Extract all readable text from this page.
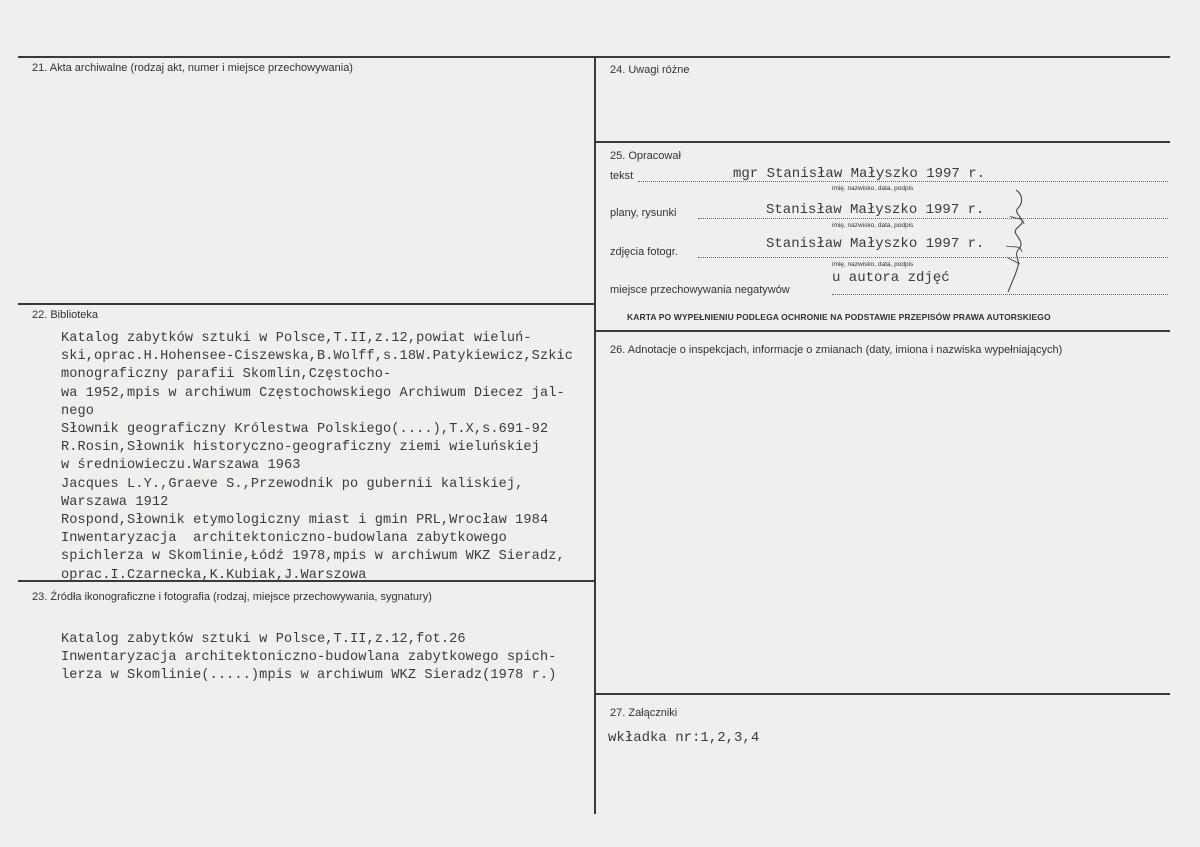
21. Akta archiwalne (rodzaj akt, numer i miejsce przechowywania)
22. Biblioteka
Katalog zabytków sztuki w Polsce,T.II,z.12,powiat wieluń-
ski,oprac.H.Hohensee-Ciszewska,B.Wolff,s.18W.Patykiewicz,Szkic
monograficzny parafii Skomlin,Częstocho-
wa 1952,mpis w archiwum Częstochowskiego Archiwum Diecez jal-
nego
Słownik geograficzny Królestwa Polskiego(....),T.X,s.691-92
R.Rosin,Słownik historyczno-geograficzny ziemi wieluńskiej
w średniowieczu.Warszawa 1963
Jacques L.Y.,Graeve S.,Przewodnik po gubernii kaliskiej,
Warszawa 1912
Rospond,Słownik etymologiczny miast i gmin PRL,Wrocław 1984
Inwentaryzacja  architektoniczno-budowlana zabytkowego
spichlerza w Skomlinie,Łódź 1978,mpis w archiwum WKZ Sieradz,
oprac.I.Czarnecka,K.Kubiak,J.Warszowa
23. Źródła ikonograficzne i fotografia (rodzaj, miejsce przechowywania, sygnatury)
Katalog zabytków sztuki w Polsce,T.II,z.12,fot.26
Inwentaryzacja architektoniczno-budowlana zabytkowego spich-
lerza w Skomlinie(.....)mpis w archiwum WKZ Sieradz(1978 r.)
24. Uwagi różne
25. Opracował
tekst	mgr Stanisław Małyszko 1997 r.
imię, nazwisko, data, podpis
plany, rysunki	Stanisław Małyszko 1997 r.
imię, nazwisko, data, podpis
zdjęcia fotogr.	Stanisław Małyszko 1997 r.
imię, nazwisko, data, podpis
miejsce przechowywania negatywów
u autora zdjęć
KARTA PO WYPEŁNIENIU PODLEGA OCHRONIE NA PODSTAWIE PRZEPISÓW PRAWA AUTORSKIEGO
26. Adnotacje o inspekcjach, informacje o zmianach (daty, imiona i nazwiska wypełniających)
27. Załączniki
wkładka nr:1,2,3,4
